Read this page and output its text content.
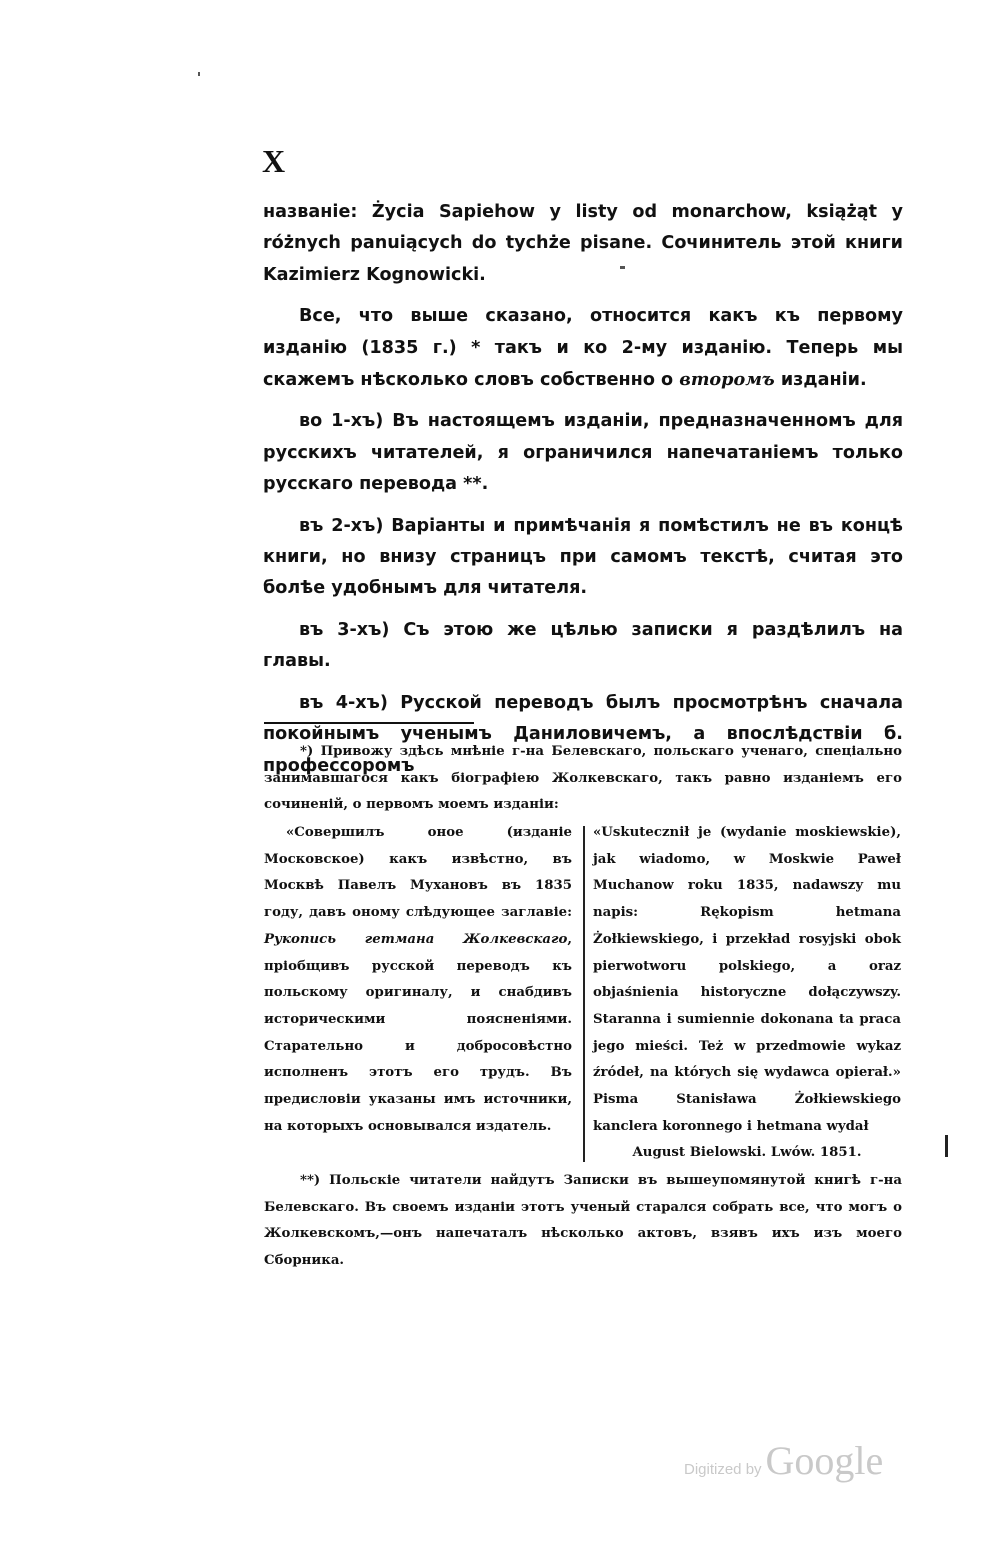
X

названіе: Życia Sapiehow y listy od monarchow, książąt y różnych panuiących do tychże pisane. Сочинитель этой книги Kazimierz Kognowicki.

Все, что выше сказано, относится какъ къ первому изданію (1835 г.) * такъ и ко 2-му изданію. Теперь мы скажемъ нѣсколько словъ собственно о второмъ изданіи.

во 1-хъ) Въ настоящемъ изданіи, предназначенномъ для русскихъ читателей, я ограничился напечатаніемъ только русскаго перевода **.

въ 2-хъ) Варіанты и примѣчанія я помѣстилъ не въ концѣ книги, но внизу страницъ при самомъ текстѣ, считая это болѣе удобнымъ для читателя.

въ 3-хъ) Съ этою же цѣлью записки я раздѣлилъ на главы.

въ 4-хъ) Русской переводъ былъ просмотрѣнъ сначала покойнымъ ученымъ Даниловичемъ, а впослѣдствіи б. профессоромъ

*) Привожу здѣсь мнѣніе г-на Белевскаго, польскаго ученаго, спеціально занимавшагося какъ біографіею Жолкевскаго, такъ равно изданіемъ его сочиненій, о первомъ моемъ изданіи:

«Совершилъ оное (изданіе Московское) какъ извѣстно, въ Москвѣ Павелъ Мухановъ въ 1835 году, давъ оному слѣдующее заглавіе: Рукопись гетмана Жолкевскаго, пріобщивъ русской переводъ къ польскому оригиналу, и снабдивъ историческими поясненіями. Старательно и добросовѣстно исполненъ этотъ его трудъ. Въ предисловіи указаны имъ источники, на которыхъ основывался издатель.

«Uskutecznił je (wydanie moskiewskie), jak wiadomo, w Moskwie Paweł Muchanow roku 1835, nadawszy mu napis: Rękopism hetmana Żołkiewskiego, i przekład rosyjski obok pierwotworu polskiego, a oraz objaśnienia historyczne dołączywszy. Starannа i sumiennie dokonana ta praca jego mieści. Też w przedmowie wykaz źródeł, na których się wydawca opierał.» Pisma Stanisława Żołkiewskiego kanclera koronnego i hetmana wydał

August Bielowski. Lwów. 1851.

**) Польскіе читатели найдутъ Записки въ вышеупомянутой книгѣ г-на Белевскаго. Въ своемъ изданіи этотъ ученый старался собрать все, что могъ о Жолкевскомъ,—онъ напечаталъ нѣсколько актовъ, взявъ ихъ изъ моего Сборника.

Digitized by Google
